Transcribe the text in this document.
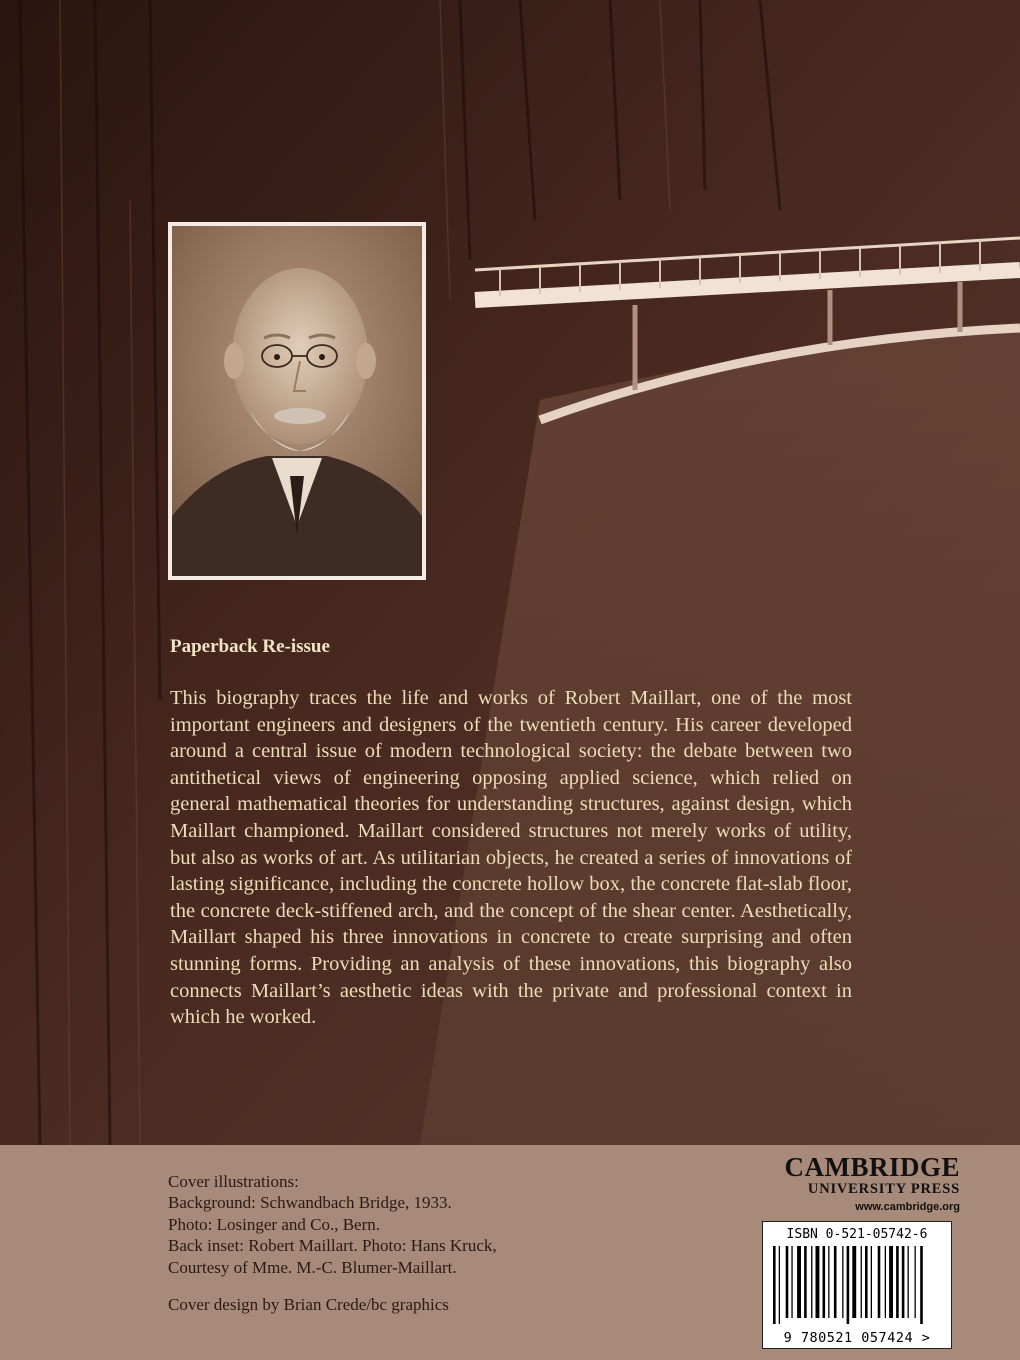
Paperback Re-issue
This biography traces the life and works of Robert Maillart, one of the most important engineers and designers of the twentieth century. His career developed around a central issue of modern technological society: the debate between two antithetical views of engineering opposing applied science, which relied on general mathematical theories for understanding structures, against design, which Maillart championed. Maillart considered structures not merely works of utility, but also as works of art. As utilitarian objects, he created a series of innovations of lasting significance, including the concrete hollow box, the concrete flat-slab floor, the concrete deck-stiffened arch, and the concept of the shear center. Aesthetically, Maillart shaped his three innovations in concrete to create surprising and often stunning forms. Providing an analysis of these innovations, this biography also connects Maillart’s aesthetic ideas with the private and professional context in which he worked.
Cover illustrations:
Background: Schwandbach Bridge, 1933.
Photo: Losinger and Co., Bern.
Back inset: Robert Maillart. Photo: Hans Kruck,
Courtesy of Mme. M.-C. Blumer-Maillart.
Cover design by Brian Crede/bc graphics
CAMBRIDGE
UNIVERSITY PRESS
www.cambridge.org
ISBN 0-521-05742-6
9 780521 057424 >
